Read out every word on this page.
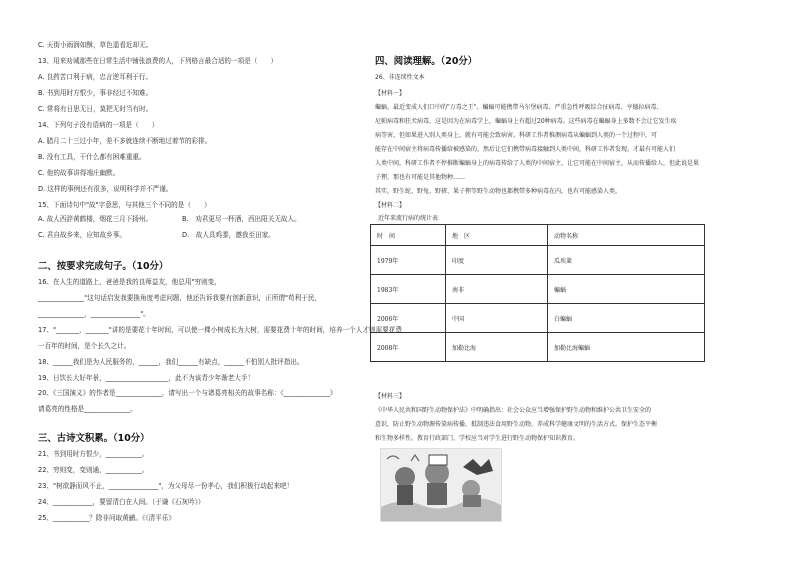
C. 天街小雨润如酥，草色遥看近却无。
13、用来劝诫那些在日常生活中铺张浪费的人，下列格言最合适的一项是（　　）
A. 良药苦口利于病，忠言逆耳利于行。
B. 书到用时方恨少，事非经过不知难。
C. 常将有日思无日，莫把无时当有时。
14、下列句子没有语病的一项是（　　）
A. 腊月二十三过小年，差不多就连续不断地过着节的彩排。
B. 没有工具，干什么都有困难重重。
C. 他的故事讲得端庄幽默。
D. 这样的事例还有很多，说明科学并不严谨。
15、下面诗句中"故"字意思，与其他三个不同的是（　　）
A. 故人西辞黄鹤楼，烟花三月下扬州。	B.　劝君更尽一杯酒，西出阳关无故人。
C. 君自故乡来，应知故乡事。	D.　故人具鸡黍，邀我至田家。
二、按要求完成句子。（10分）
16、在人生的道路上，爸爸是我的良师益友，他总用"穷则变，
______________"这句话启发我要换角度考虑问题，他还告诉我要有创新意识，正所谓"苟利于民，
______________，_______________"。
17、"_______，_______"讲的是要花十年时间，可以使一棵小树成长为大树，需要花费十年的时间，培养一个人才则需要花费
一百年的时间，是个长久之计。
18、______我们是为人民服务的，______，我们______有缺点，______不怕别人批评指出。
19、日饮长大好年景，___________________，此不为该青少年渐老大手！
20、《三国演义》的作者是______________，请写出一个与诸葛亮相关的故事名称：《______________》
请葛亮的性格是______________。
三、古诗文积累。（10分）
21、书到用时方恨少，___________。
22、穷则变，变则通，___________。
23、"树欲静而风不止，_______________"，为父母尽一份孝心，我们积极行动起来吧！
24、____________，要留清白在人间。（于谦《石灰吟》）
25、___________？除非问取黄鹂。《《清平乐》
四、阅读理解。（20分）
26、非连续性文本
【材料一】
蝙蝠，最近变成人们口中的"万毒之王"。蝙蝠可能携带马尔堡病毒、严重急性呼吸综合征病毒、亨德拉病毒、
尼帕病毒和狂犬病毒，这是因为在病毒学上，蝙蝠身上有超过20种病毒。这些病毒在蝙蝠身上多数不会让它发生疾
病等害，但如果进入别人类身上，就有可能会致病害。科研工作者推测病毒从蝙蝠到人类的一个过程中，可
能存在中间宿主将病毒传播给被感染的，然后让它们携带病毒接触到人类中间，科研工作者发现，才最有可能人们
人类中间，科研工作者不停推断蝙蝠身上的病毒传给了人类的中间宿主，让它可能在中间宿主，从而传播给人，但此说是果
子狸，那也有可能是其他物种……
其实，野生蛇、野兔、野猪、果子狸等野生动物也都携带多种病毒在内，也有可能感染人类。
【材料二】
近年来流行病的统计表
时　间	地　区	动物名称
1979年	印度	瓜埃莱
1983年	南非	蝙蝠
2006年	中国	白蝙蝠
2008年	加勒比海	加勒比海蝙蝠
【材料三】
《中华人民共和国野生动物保护法》中明确指出：社会公众应当增强保护野生动物和维护公共卫生安全的
意识，防止野生动物源传染病传播，抵制违法食用野生动物，养成科学健康文明的生活方式。保护生态平衡
和生物多样性。教育行政部门、学校应当对学生进行野生动物保护知识教育。
